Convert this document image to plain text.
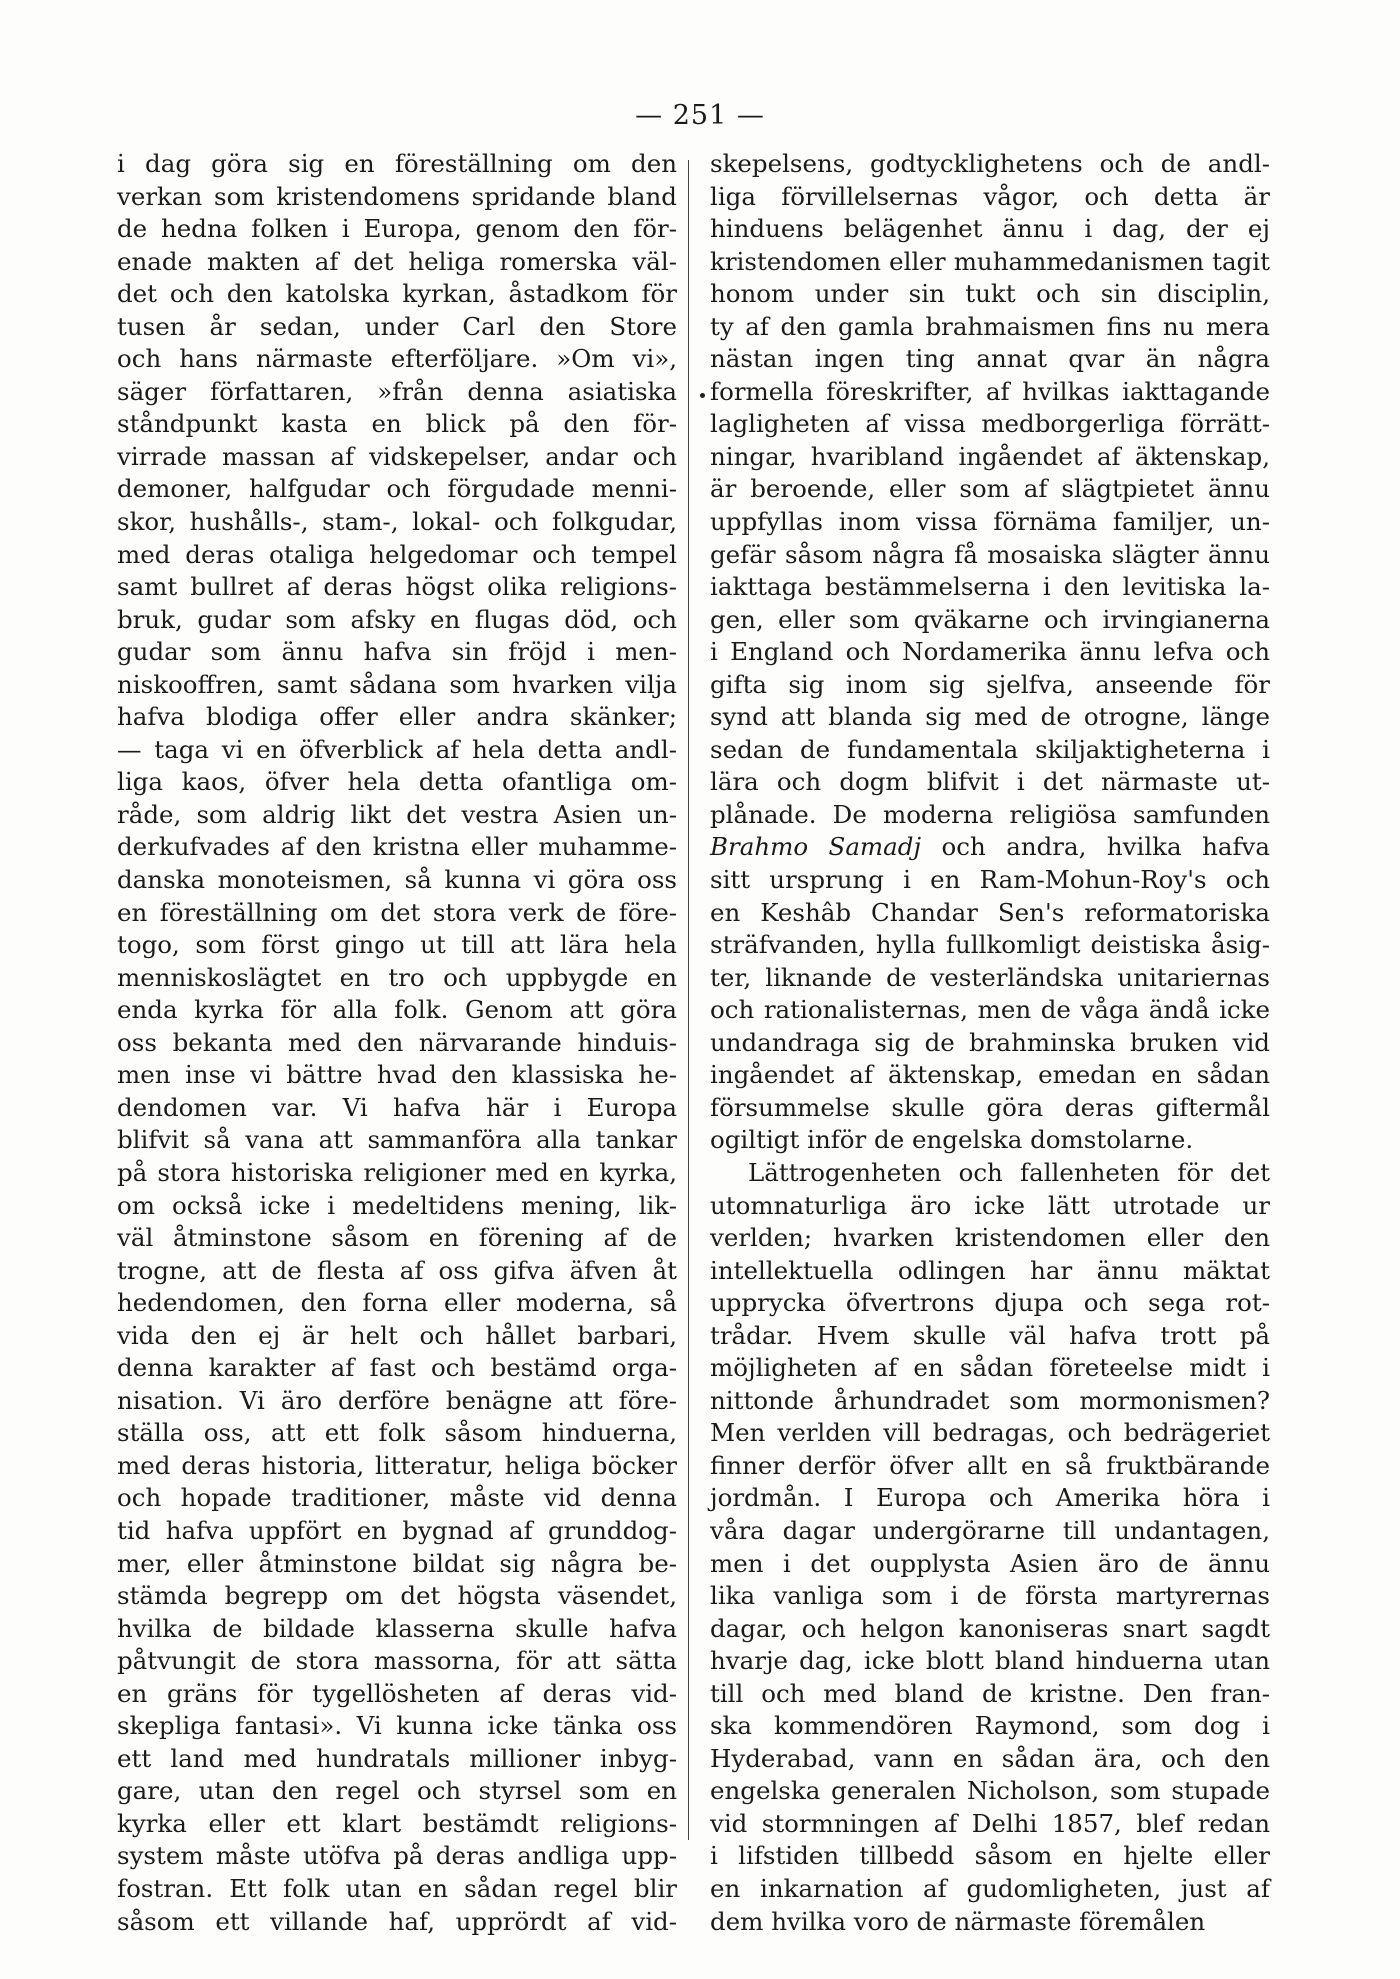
— 251 —
i dag göra sig en föreställning om den
verkan som kristendomens spridande bland
de hedna folken i Europa, genom den för-
enade makten af det heliga romerska väl-
det och den katolska kyrkan, åstadkom för
tusen år sedan, under Carl den Store
och hans närmaste efterföljare. »Om vi»,
säger författaren, »från denna asiatiska
ståndpunkt kasta en blick på den för-
virrade massan af vidskepelser, andar och
demoner, halfgudar och förgudade menni-
skor, hushålls-, stam-, lokal- och folkgudar,
med deras otaliga helgedomar och tempel
samt bullret af deras högst olika religions-
bruk, gudar som afsky en flugas död, och
gudar som ännu hafva sin fröjd i men-
niskooffren, samt sådana som hvarken vilja
hafva blodiga offer eller andra skänker;
— taga vi en öfverblick af hela detta andl-
liga kaos, öfver hela detta ofantliga om-
råde, som aldrig likt det vestra Asien un-
derkufvades af den kristna eller muhamme-
danska monoteismen, så kunna vi göra oss
en föreställning om det stora verk de före-
togo, som först gingo ut till att lära hela
menniskoslägtet en tro och uppbygde en
enda kyrka för alla folk. Genom att göra
oss bekanta med den närvarande hinduis-
men inse vi bättre hvad den klassiska he-
dendomen var. Vi hafva här i Europa
blifvit så vana att sammanföra alla tankar
på stora historiska religioner med en kyrka,
om också icke i medeltidens mening, lik-
väl åtminstone såsom en förening af de
trogne, att de flesta af oss gifva äfven åt
hedendomen, den forna eller moderna, så
vida den ej är helt och hållet barbari,
denna karakter af fast och bestämd orga-
nisation. Vi äro derföre benägne att före-
ställa oss, att ett folk såsom hinduerna,
med deras historia, litteratur, heliga böcker
och hopade traditioner, måste vid denna
tid hafva uppfört en bygnad af grunddog-
mer, eller åtminstone bildat sig några be-
stämda begrepp om det högsta väsendet,
hvilka de bildade klasserna skulle hafva
påtvungit de stora massorna, för att sätta
en gräns för tygellösheten af deras vid-
skepliga fantasi». Vi kunna icke tänka oss
ett land med hundratals millioner inbyg-
gare, utan den regel och styrsel som en
kyrka eller ett klart bestämdt religions-
system måste utöfva på deras andliga upp-
fostran. Ett folk utan en sådan regel blir
såsom ett villande haf, upprördt af vid-
skepelsens, godtycklighetens och de andl-
liga förvillelsernas vågor, och detta är
hinduens belägenhet ännu i dag, der ej
kristendomen eller muhammedanismen tagit
honom under sin tukt och sin disciplin,
ty af den gamla brahmaismen fins nu mera
nästan ingen ting annat qvar än några
formella föreskrifter, af hvilkas iakttagande
lagligheten af vissa medborgerliga förrätt-
ningar, hvaribland ingåendet af äktenskap,
är beroende, eller som af slägtpietet ännu
uppfyllas inom vissa förnäma familjer, un-
gefär såsom några få mosaiska slägter ännu
iakttaga bestämmelserna i den levitiska la-
gen, eller som qväkarne och irvingianerna
i England och Nordamerika ännu lefva och
gifta sig inom sig sjelfva, anseende för
synd att blanda sig med de otrogne, länge
sedan de fundamentala skiljaktigheterna i
lära och dogm blifvit i det närmaste ut-
plånade. De moderna religiösa samfunden
Brahmo Samadj och andra, hvilka hafva
sitt ursprung i en Ram-Mohun-Roy's och
en Keshâb Chandar Sen's reformatoriska
sträfvanden, hylla fullkomligt deistiska åsig-
ter, liknande de vesterländska unitariernas
och rationalisternas, men de våga ändå icke
undandraga sig de brahminska bruken vid
ingåendet af äktenskap, emedan en sådan
försummelse skulle göra deras giftermål
ogiltigt inför de engelska domstolarne.
Lättrogenheten och fallenheten för det
utomnaturliga äro icke lätt utrotade ur
verlden; hvarken kristendomen eller den
intellektuella odlingen har ännu mäktat
upprycka öfvertrons djupa och sega rot-
trådar. Hvem skulle väl hafva trott på
möjligheten af en sådan företeelse midt i
nittonde århundradet som mormonismen?
Men verlden vill bedragas, och bedrägeriet
finner derför öfver allt en så fruktbärande
jordmån. I Europa och Amerika höra i
våra dagar undergörarne till undantagen,
men i det oupplysta Asien äro de ännu
lika vanliga som i de första martyrernas
dagar, och helgon kanoniseras snart sagdt
hvarje dag, icke blott bland hinduerna utan
till och med bland de kristne. Den fran-
ska kommendören Raymond, som dog i
Hyderabad, vann en sådan ära, och den
engelska generalen Nicholson, som stupade
vid stormningen af Delhi 1857, blef redan
i lifstiden tillbedd såsom en hjelte eller
en inkarnation af gudomligheten, just af
dem hvilka voro de närmaste föremålen
